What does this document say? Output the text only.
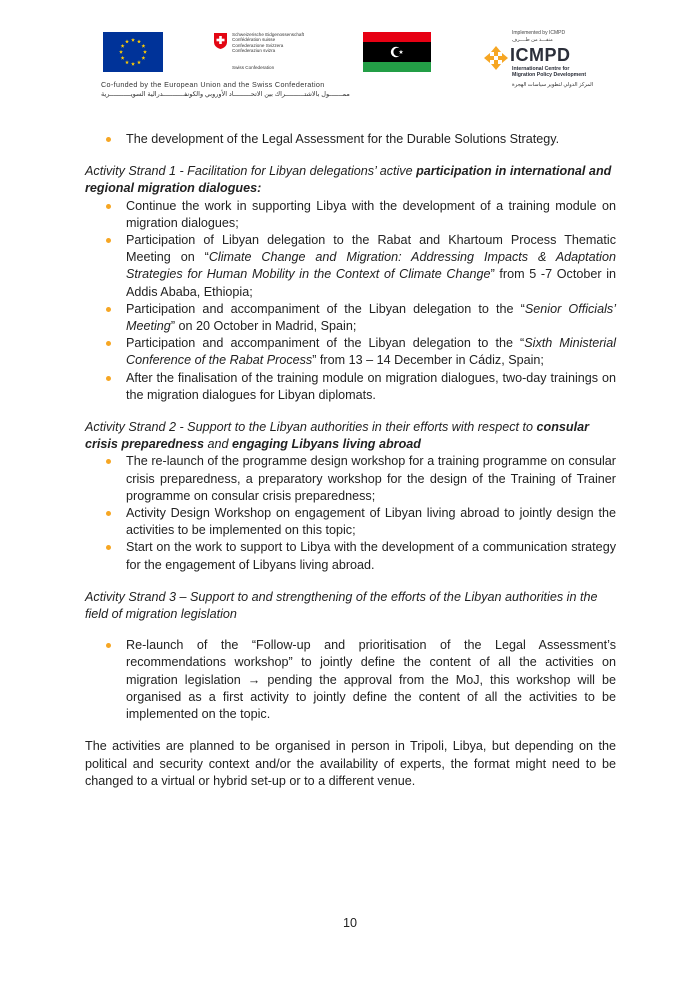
Schweizerische Eidgenossenschaft
Confédération suisse
Confederazione Svizzera
Confederaziun svizra
Swiss Confederation
Implemented by ICMPD
منفـــذ من طــــرف
ICMPD
International Centre for
Migration Policy Development
المركز الدولي لتطوير سياسات الهجرة
Co-funded by the European Union and the Swiss Confederation
ممـــــــول بالاشتــــــــــراك بين الاتحـــــــــاد الأوروبي والكونفـــــــــــدرالية السويـــــــــــرية
The development of the Legal Assessment for the Durable Solutions Strategy.

Activity Strand 1 - Facilitation for Libyan delegations’ active participation in international and regional migration dialogues:

Continue the work in supporting Libya with the development of a training module on migration dialogues;
Participation of Libyan delegation to the Rabat and Khartoum Process Thematic Meeting on “Climate Change and Migration: Addressing Impacts & Adaptation Strategies for Human Mobility in the Context of Climate Change” from 5 -7 October in Addis Ababa, Ethiopia;
Participation and accompaniment of the Libyan delegation to the “Senior Officials’ Meeting” on 20 October in Madrid, Spain;
Participation and accompaniment of the Libyan delegation to the “Sixth Ministerial Conference of the Rabat Process” from 13 – 14 December in Cádiz, Spain;
After the finalisation of the training module on migration dialogues, two-day trainings on the migration dialogues for Libyan diplomats.

Activity Strand 2 - Support to the Libyan authorities in their efforts with respect to consular crisis preparedness and engaging Libyans living abroad

The re-launch of the programme design workshop for a training programme on consular crisis preparedness, a preparatory workshop for the design of the Training of Trainer programme on consular crisis preparedness;
Activity Design Workshop on engagement of Libyan living abroad to jointly design the activities to be implemented on this topic;
Start on the work to support to Libya with the development of a communication strategy for the engagement of Libyans living abroad.

Activity Strand 3 – Support to and strengthening of the efforts of the Libyan authorities in the field of migration legislation

Re-launch of the “Follow-up and prioritisation of the Legal Assessment’s recommendations workshop” to jointly define the content of all the activities on migration legislation → pending the approval from the MoJ, this workshop will be organised as a first activity to jointly define the content of all the activities to be implemented on the topic.

The activities are planned to be organised in person in Tripoli, Libya, but depending on the political and security context and/or the availability of experts, the format might need to be changed to a virtual or hybrid set-up or to a different venue.

10
